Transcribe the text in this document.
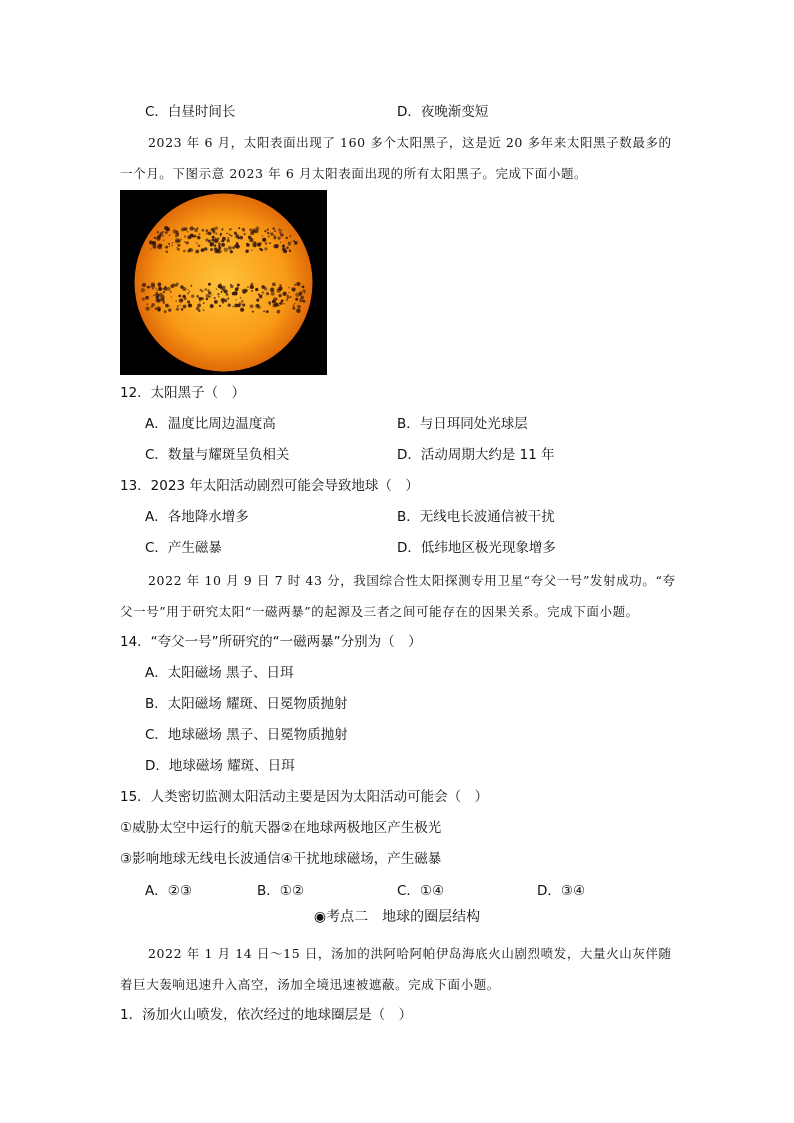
C．白昼时间长	D．夜晚渐变短
2023 年 6 月，太阳表面出现了 160 多个太阳黑子，这是近 20 多年来太阳黑子数最多的
一个月。下图示意 2023 年 6 月太阳表面出现的所有太阳黑子。完成下面小题。
12．太阳黑子（　）
A．温度比周边温度高	B．与日珥同处光球层
C．数量与耀斑呈负相关	D．活动周期大约是 11 年
13．2023 年太阳活动剧烈可能会导致地球（　）
A．各地降水增多	B．无线电长波通信被干扰
C．产生磁暴	D．低纬地区极光现象增多
2022 年 10 月 9 日 7 时 43 分，我国综合性太阳探测专用卫星“夸父一号”发射成功。“夸
父一号”用于研究太阳“一磁两暴”的起源及三者之间可能存在的因果关系。完成下面小题。
14．“夸父一号”所研究的“一磁两暴”分别为（　）
A．太阳磁场 黑子、日珥
B．太阳磁场 耀斑、日冕物质抛射
C．地球磁场 黑子、日冕物质抛射
D．地球磁场 耀斑、日珥
15．人类密切监测太阳活动主要是因为太阳活动可能会（　）
①威胁太空中运行的航天器②在地球两极地区产生极光
③影响地球无线电长波通信④干扰地球磁场，产生磁暴
A．②③	B．①②	C．①④	D．③④
◉考点二　地球的圈层结构
2022 年 1 月 14 日～15 日，汤加的洪阿哈阿帕伊岛海底火山剧烈喷发，大量火山灰伴随
着巨大轰响迅速升入高空，汤加全境迅速被遮蔽。完成下面小题。
1．汤加火山喷发，依次经过的地球圈层是（　）
